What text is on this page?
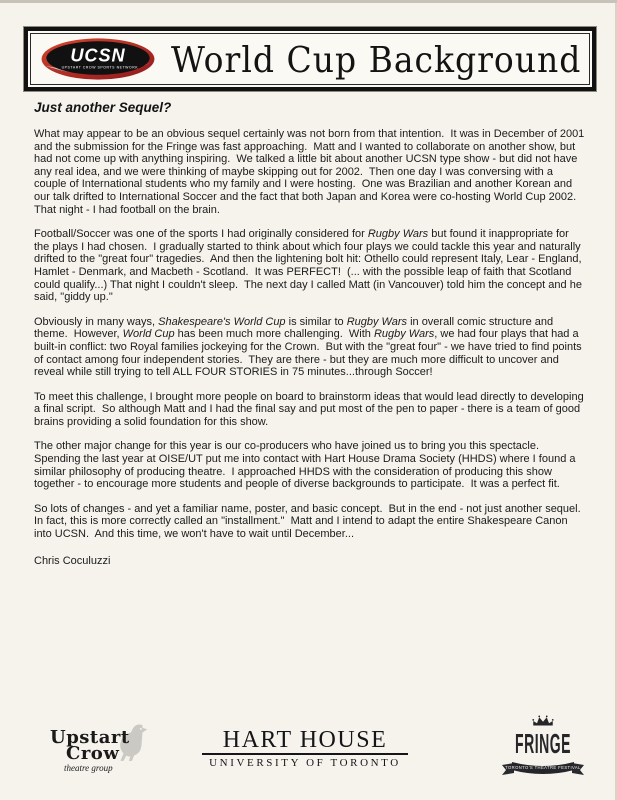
UCSN
UPSTART CROW SPORTS NETWORK World Cup Background
Just another Sequel?

What may appear to be an obvious sequel certainly was not born from that intention.  It was in December of 2001 and the submission for the Fringe was fast approaching.  Matt and I wanted to collaborate on another show, but had not come up with anything inspiring.  We talked a little bit about another UCSN type show - but did not have any real idea, and we were thinking of maybe skipping out for 2002.  Then one day I was conversing with a couple of International students who my family and I were hosting.  One was Brazilian and another Korean and our talk drifted to International Soccer and the fact that both Japan and Korea were co-hosting World Cup 2002.  That night - I had football on the brain.

Football/Soccer was one of the sports I had originally considered for Rugby Wars but found it inappropriate for the plays I had chosen.  I gradually started to think about which four plays we could tackle this year and naturally drifted to the "great four" tragedies.  And then the lightening bolt hit: Othello could represent Italy, Lear - England, Hamlet - Denmark, and Macbeth - Scotland.  It was PERFECT!  (... with the possible leap of faith that Scotland could qualify...) That night I couldn't sleep.  The next day I called Matt (in Vancouver) told him the concept and he said, "giddy up."

Obviously in many ways, Shakespeare's World Cup is similar to Rugby Wars in overall comic structure and theme.  However, World Cup has been much more challenging.  With Rugby Wars, we had four plays that had a built-in conflict: two Royal families jockeying for the Crown.  But with the "great four" - we have tried to find points of contact among four independent stories.  They are there - but they are much more difficult to uncover and reveal while still trying to tell ALL FOUR STORIES in 75 minutes...through Soccer!

To meet this challenge, I brought more people on board to brainstorm ideas that would lead directly to developing a final script.  So although Matt and I had the final say and put most of the pen to paper - there is a team of good brains providing a solid foundation for this show.

The other major change for this year is our co-producers who have joined us to bring you this spectacle.  Spending the last year at OISE/UT put me into contact with Hart House Drama Society (HHDS) where I found a similar philosophy of producing theatre.  I approached HHDS with the consideration of producing this show together - to encourage more students and people of diverse backgrounds to participate.  It was a perfect fit.

So lots of changes - and yet a familiar name, poster, and basic concept.  But in the end - not just another sequel.  In fact, this is more correctly called an "installment."  Matt and I intend to adapt the entire Shakespeare Canon into UCSN.  And this time, we won't have to wait until December...

Chris Coculuzzi
Upstart
Crow
theatre group
HART HOUSE
UNIVERSITY OF TORONTO
FRINGE
TORONTO'S THEATRE FESTIVAL
